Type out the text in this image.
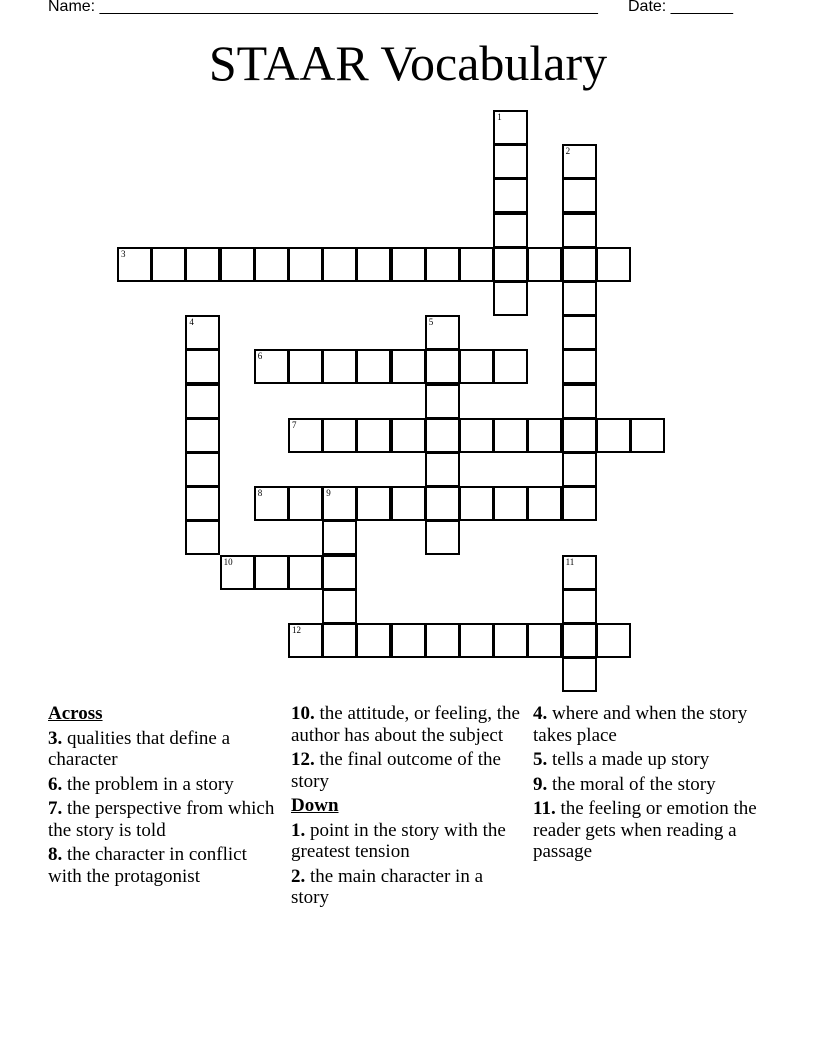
Name: ________________________________________________________ Date: _______
STAAR Vocabulary
1
2
3
4	5
6
7
8	9
10	11
12
Across
3. qualities that define a character
6. the problem in a story
7. the perspective from which the story is told
8. the character in conflict with the protagonist
10. the attitude, or feeling, the author has about the subject
12. the final outcome of the story
Down
1. point in the story with the greatest tension
2. the main character in a story
4. where and when the story takes place
5. tells a made up story
9. the moral of the story
11. the feeling or emotion the reader gets when reading a passage
